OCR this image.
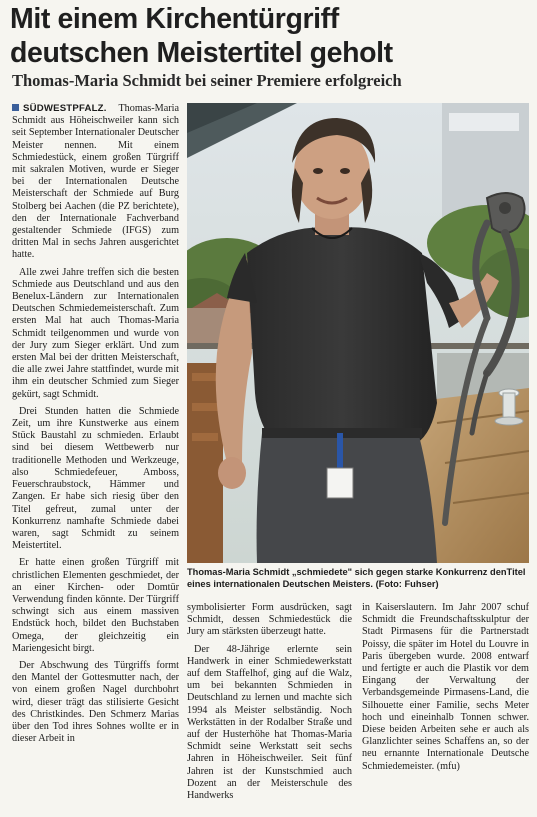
Mit einem Kirchentürgriff
deutschen Meistertitel geholt
Thomas-Maria Schmidt bei seiner Premiere erfolgreich

SÜDWESTPFALZ. Thomas-Maria Schmidt aus Höheischweiler kann sich seit September Internationaler Deutscher Meister nennen. Mit einem Schmiedestück, einem großen Türgriff mit sakralen Motiven, wurde er Sieger bei der Internationalen Deutsche Meisterschaft der Schmiede auf Burg Stolberg bei Aachen (die PZ berichtete), den der Internationale Fachverband gestaltender Schmiede (IFGS) zum dritten Mal in sechs Jahren ausgerichtet hatte.

Alle zwei Jahre treffen sich die besten Schmiede aus Deutschland und aus den Benelux-Ländern zur Internationalen Deutschen Schmiedemeisterschaft. Zum ersten Mal hat auch Thomas-Maria Schmidt teilgenommen und wurde von der Jury zum Sieger erklärt. Und zum ersten Mal bei der dritten Meisterschaft, die alle zwei Jahre stattfindet, wurde mit ihm ein deutscher Schmied zum Sieger gekürt, sagt Schmidt.

Drei Stunden hatten die Schmiede Zeit, um ihre Kunstwerke aus einem Stück Baustahl zu schmieden. Erlaubt sind bei diesem Wettbewerb nur traditionelle Methoden und Werkzeuge, also Schmiedefeuer, Amboss, Feuerschraubstock, Hämmer und Zangen. Er habe sich riesig über den Titel gefreut, zumal unter der Konkurrenz namhafte Schmiede dabei waren, sagt Schmidt zu seinem Meistertitel.

Er hatte einen großen Türgriff mit christlichen Elementen geschmiedet, der an einer Kirchen- oder Domtür Verwendung finden könnte. Der Türgriff schwingt sich aus einem massiven Endstück hoch, bildet den Buchstaben Omega, der gleichzeitig ein Mariengesicht birgt.

Der Abschwung des Türgriffs formt den Mantel der Gottesmutter nach, der von einem großen Nagel durchbohrt wird, dieser trägt das stilisierte Gesicht des Christkindes. Den Schmerz Marias über den Tod ihres Sohnes wollte er in dieser Arbeit in

Thomas-Maria Schmidt „schmiedete" sich gegen starke Konkurrenz denTitel eines internationalen Deutschen Meisters. (Foto: Fuhser)

symbolisierter Form ausdrücken, sagt Schmidt, dessen Schmiedestück die Jury am stärksten überzeugt hatte.

Der 48-Jährige erlernte sein Handwerk in einer Schmiedewerkstatt auf dem Staffelhof, ging auf die Walz, um bei bekannten Schmieden in Deutschland zu lernen und machte sich 1994 als Meister selbständig. Noch Werkstätten in der Rodalber Straße und auf der Husterhöhe hat Thomas-Maria Schmidt seine Werkstatt seit sechs Jahren in Höheischweiler. Seit fünf Jahren ist der Kunstschmied auch Dozent an der Meisterschule des Handwerks

in Kaiserslautern. Im Jahr 2007 schuf Schmidt die Freundschaftsskulptur der Stadt Pirmasens für die Partnerstadt Poissy, die später im Hotel du Louvre in Paris übergeben wurde. 2008 entwarf und fertigte er auch die Plastik vor dem Eingang der Verwaltung der Verbandsgemeinde Pirmasens-Land, die Silhouette einer Familie, sechs Meter hoch und eineinhalb Tonnen schwer. Diese beiden Arbeiten sehe er auch als Glanzlichter seines Schaffens an, so der neu ernannte Internationale Deutsche Schmiedemeister. (mfu)
